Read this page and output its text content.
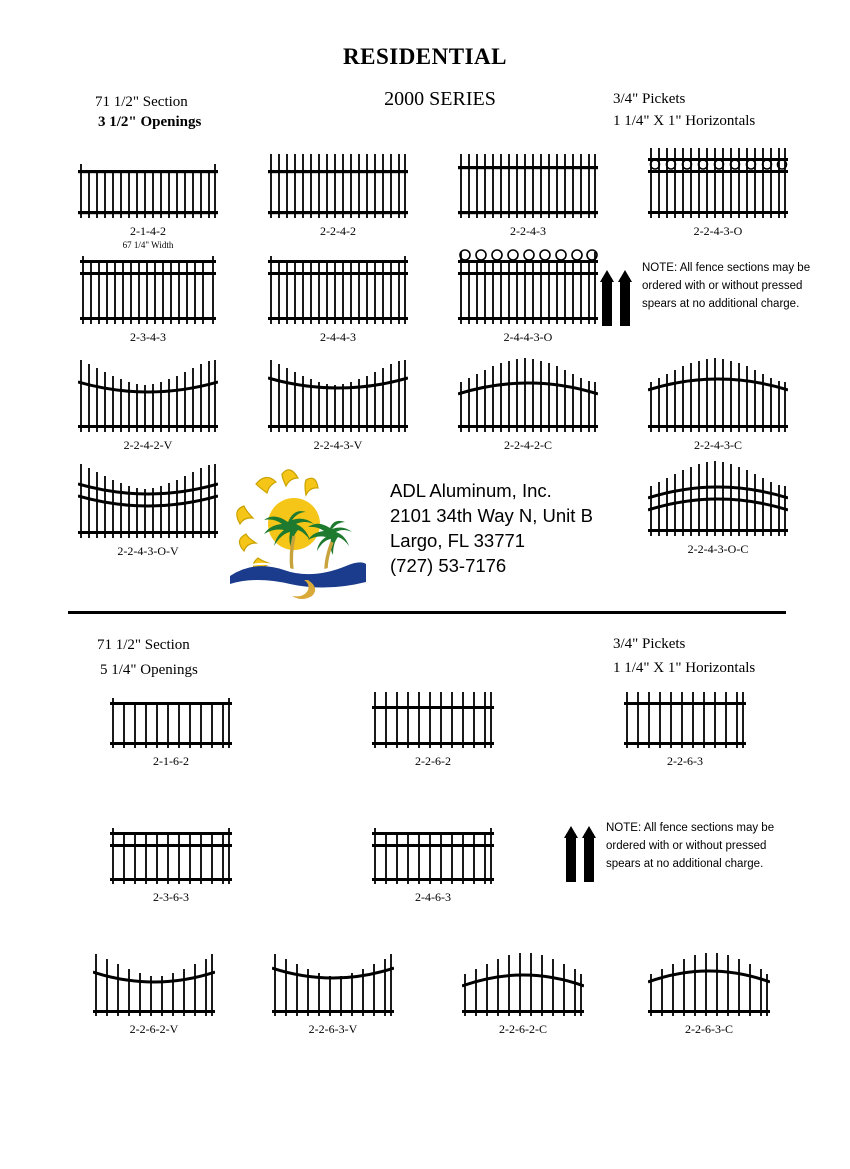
RESIDENTIAL
2000 SERIES
71 1/2" Section
3 1/2" Openings
3/4" Pickets
1 1/4" X 1" Horizontals
NOTE: All fence sections may be ordered with or without pressed spears at no additional charge.
2-1-4-2	2-2-4-2	2-2-4-3	2-2-4-3-O
67 1/4" Width
2-3-4-3	2-4-4-3	2-4-4-3-O
2-2-4-2-V	2-2-4-3-V	2-2-4-2-C	2-2-4-3-C
2-2-4-3-O-V	2-2-4-3-O-C
ADL Aluminum, Inc.
2101 34th Way N, Unit B
Largo, FL 33771
(727) 53-7176
71 1/2" Section
5 1/4" Openings
3/4" Pickets
1 1/4" X 1" Horizontals
NOTE: All fence sections may be ordered with or without pressed spears at no additional charge.
2-1-6-2	2-2-6-2	2-2-6-3
2-3-6-3	2-4-6-3
2-2-6-2-V	2-2-6-3-V	2-2-6-2-C	2-2-6-3-C
